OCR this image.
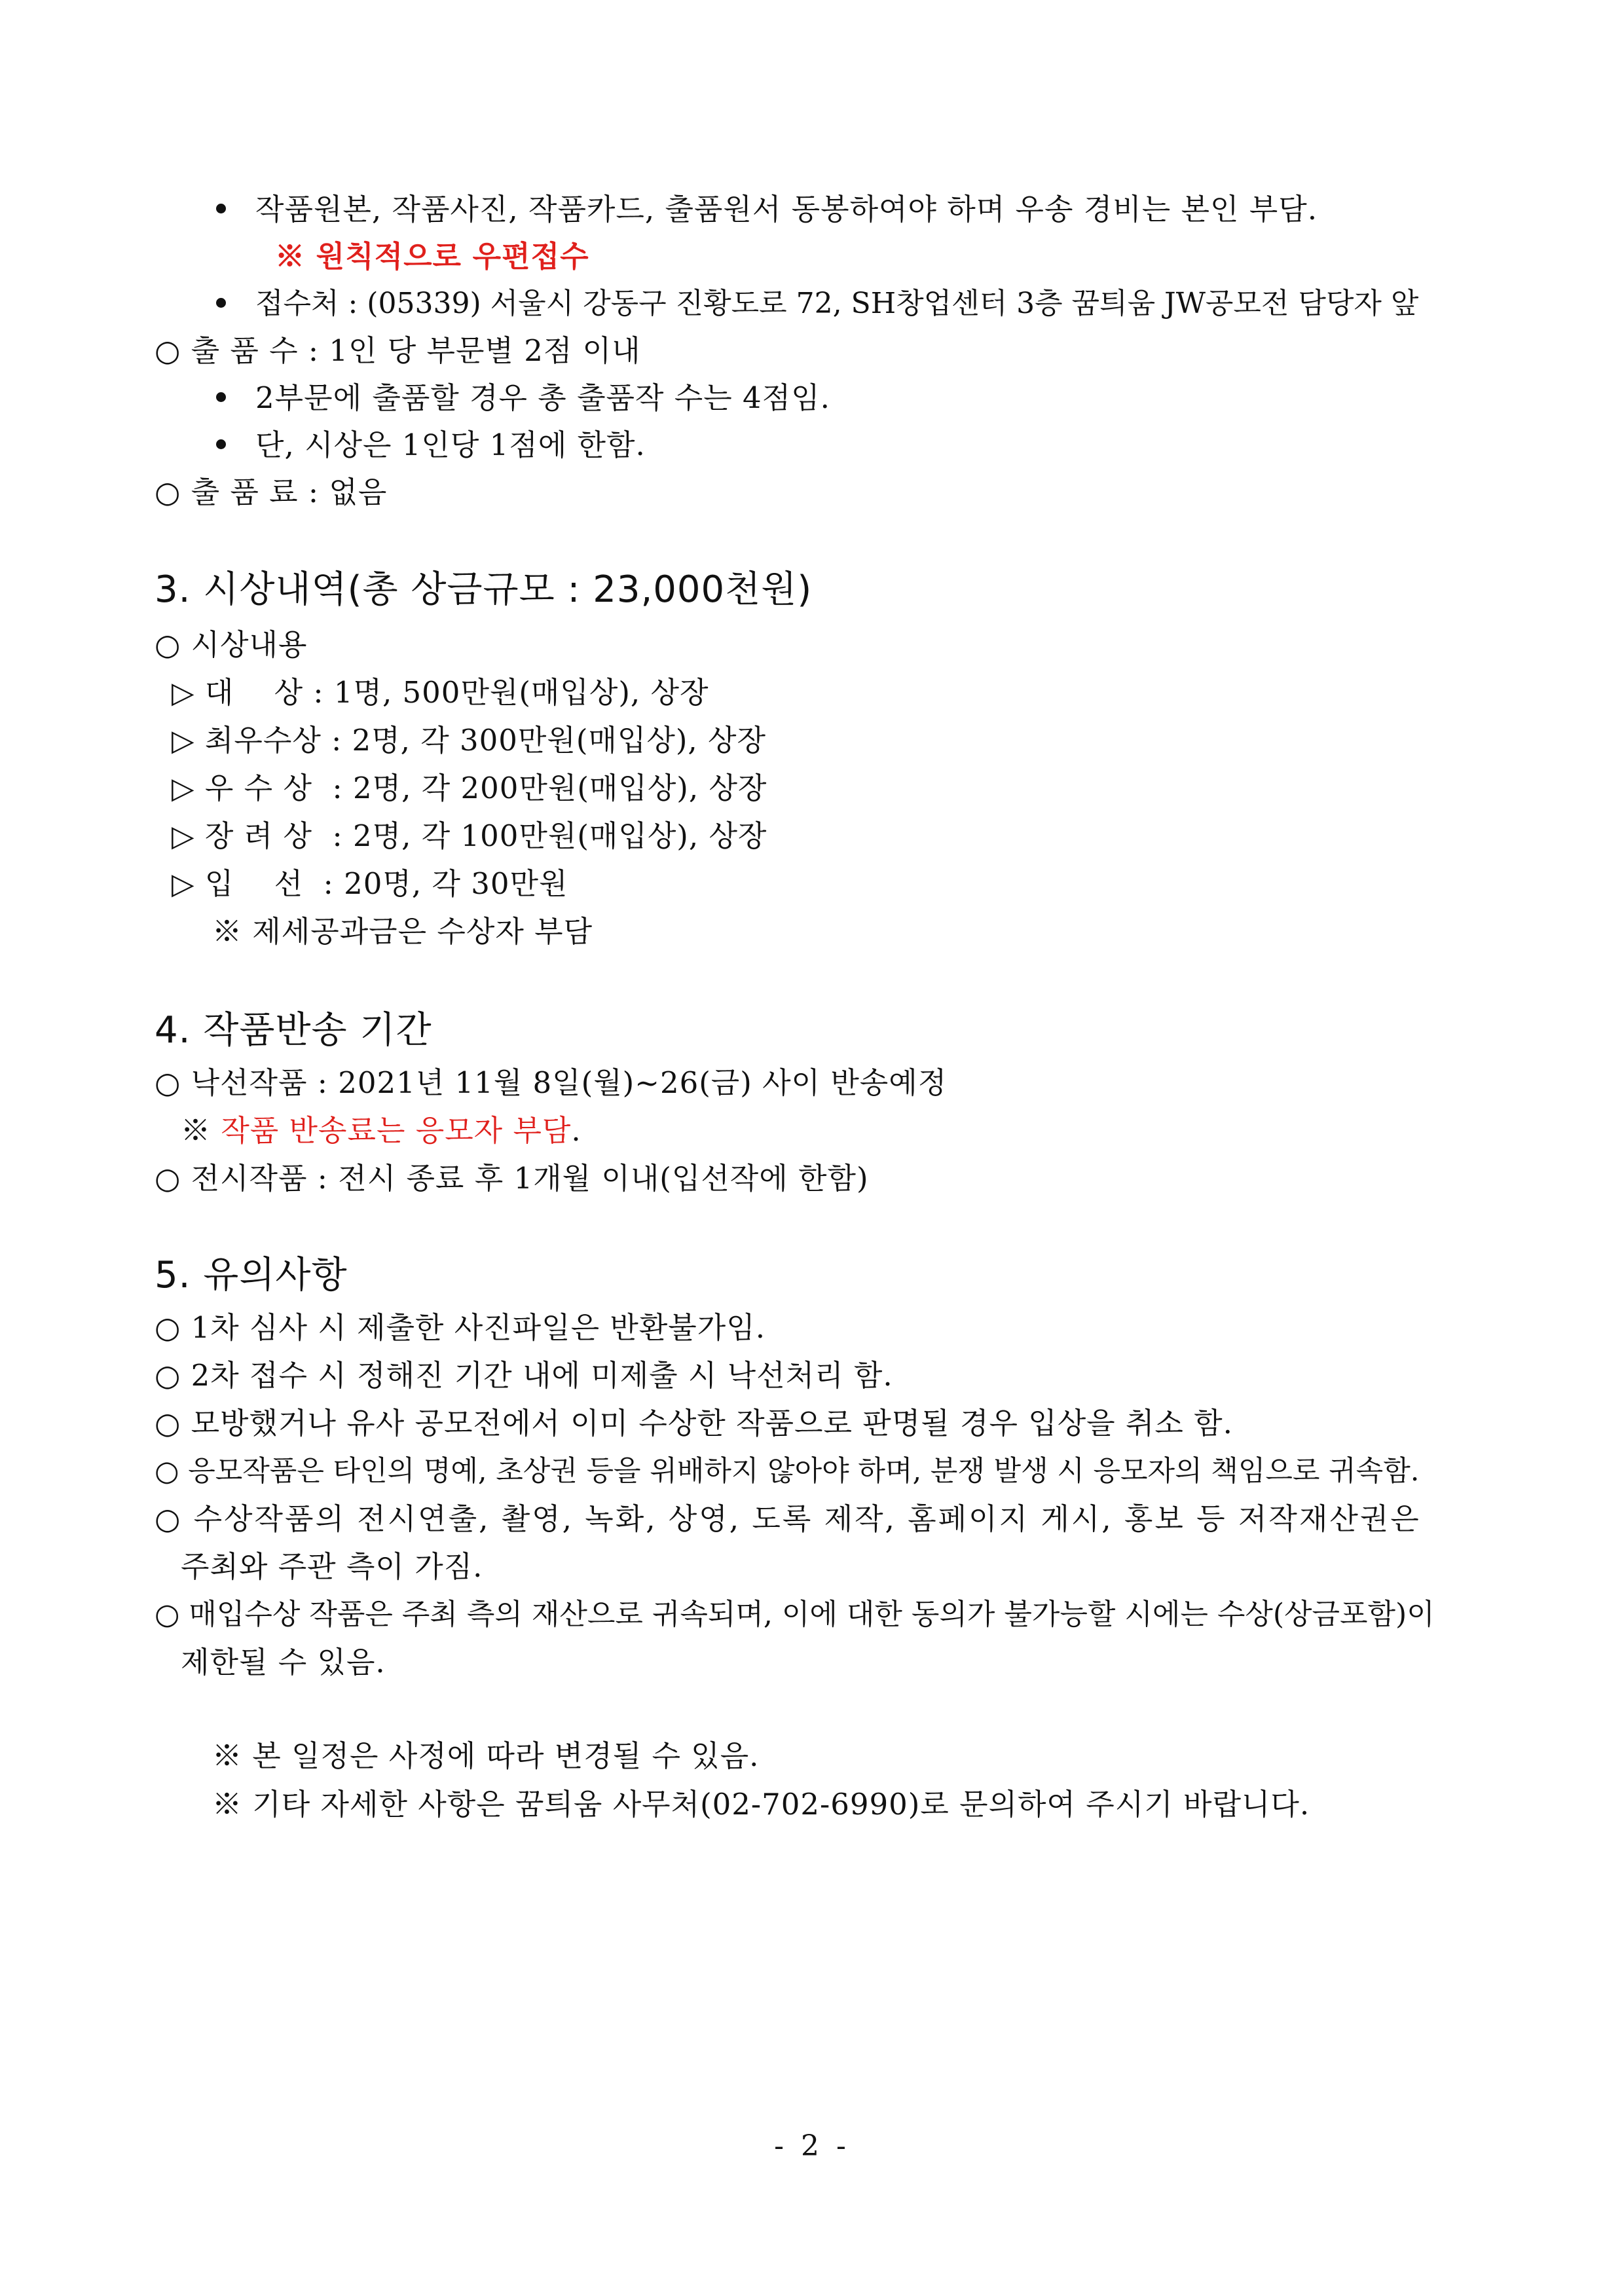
작품원본, 작품사진, 작품카드, 출품원서 동봉하여야 하며 우송 경비는 본인 부담.
※ 원칙적으로 우편접수
접수처 : (05339) 서울시 강동구 진황도로 72, SH창업센터 3층 꿈틔움 JW공모전 담당자 앞
○ 출 품 수 : 1인 당 부문별 2점 이내
2부문에 출품할 경우 총 출품작 수는 4점임.
단, 시상은 1인당 1점에 한함.
○ 출 품 료 : 없음
3. 시상내역(총 상금규모 : 23,000천원)
○ 시상내용
▷ 대    상 : 1명, 500만원(매입상), 상장
▷ 최우수상 : 2명, 각 300만원(매입상), 상장
▷ 우 수 상  : 2명, 각 200만원(매입상), 상장
▷ 장 려 상  : 2명, 각 100만원(매입상), 상장
▷ 입    선  : 20명, 각 30만원
※ 제세공과금은 수상자 부담
4. 작품반송 기간
○ 낙선작품 : 2021년 11월 8일(월)~26(금) 사이 반송예정
※ 작품 반송료는 응모자 부담.
○ 전시작품 : 전시 종료 후 1개월 이내(입선작에 한함)
5. 유의사항
○ 1차 심사 시 제출한 사진파일은 반환불가임.
○ 2차 접수 시 정해진 기간 내에 미제출 시 낙선처리 함.
○ 모방했거나 유사 공모전에서 이미 수상한 작품으로 판명될 경우 입상을 취소 함.
○ 응모작품은 타인의 명예, 초상권 등을 위배하지 않아야 하며, 분쟁 발생 시 응모자의 책임으로 귀속함.
○ 수상작품의 전시연출, 촬영, 녹화, 상영, 도록 제작, 홈페이지 게시, 홍보 등 저작재산권은
주최와 주관 측이 가짐.
○ 매입수상 작품은 주최 측의 재산으로 귀속되며, 이에 대한 동의가 불가능할 시에는 수상(상금포함)이
제한될 수 있음.
※ 본 일정은 사정에 따라 변경될 수 있음.
※ 기타 자세한 사항은 꿈틔움 사무처(02-702-6990)로 문의하여 주시기 바랍니다.
- 2 -
